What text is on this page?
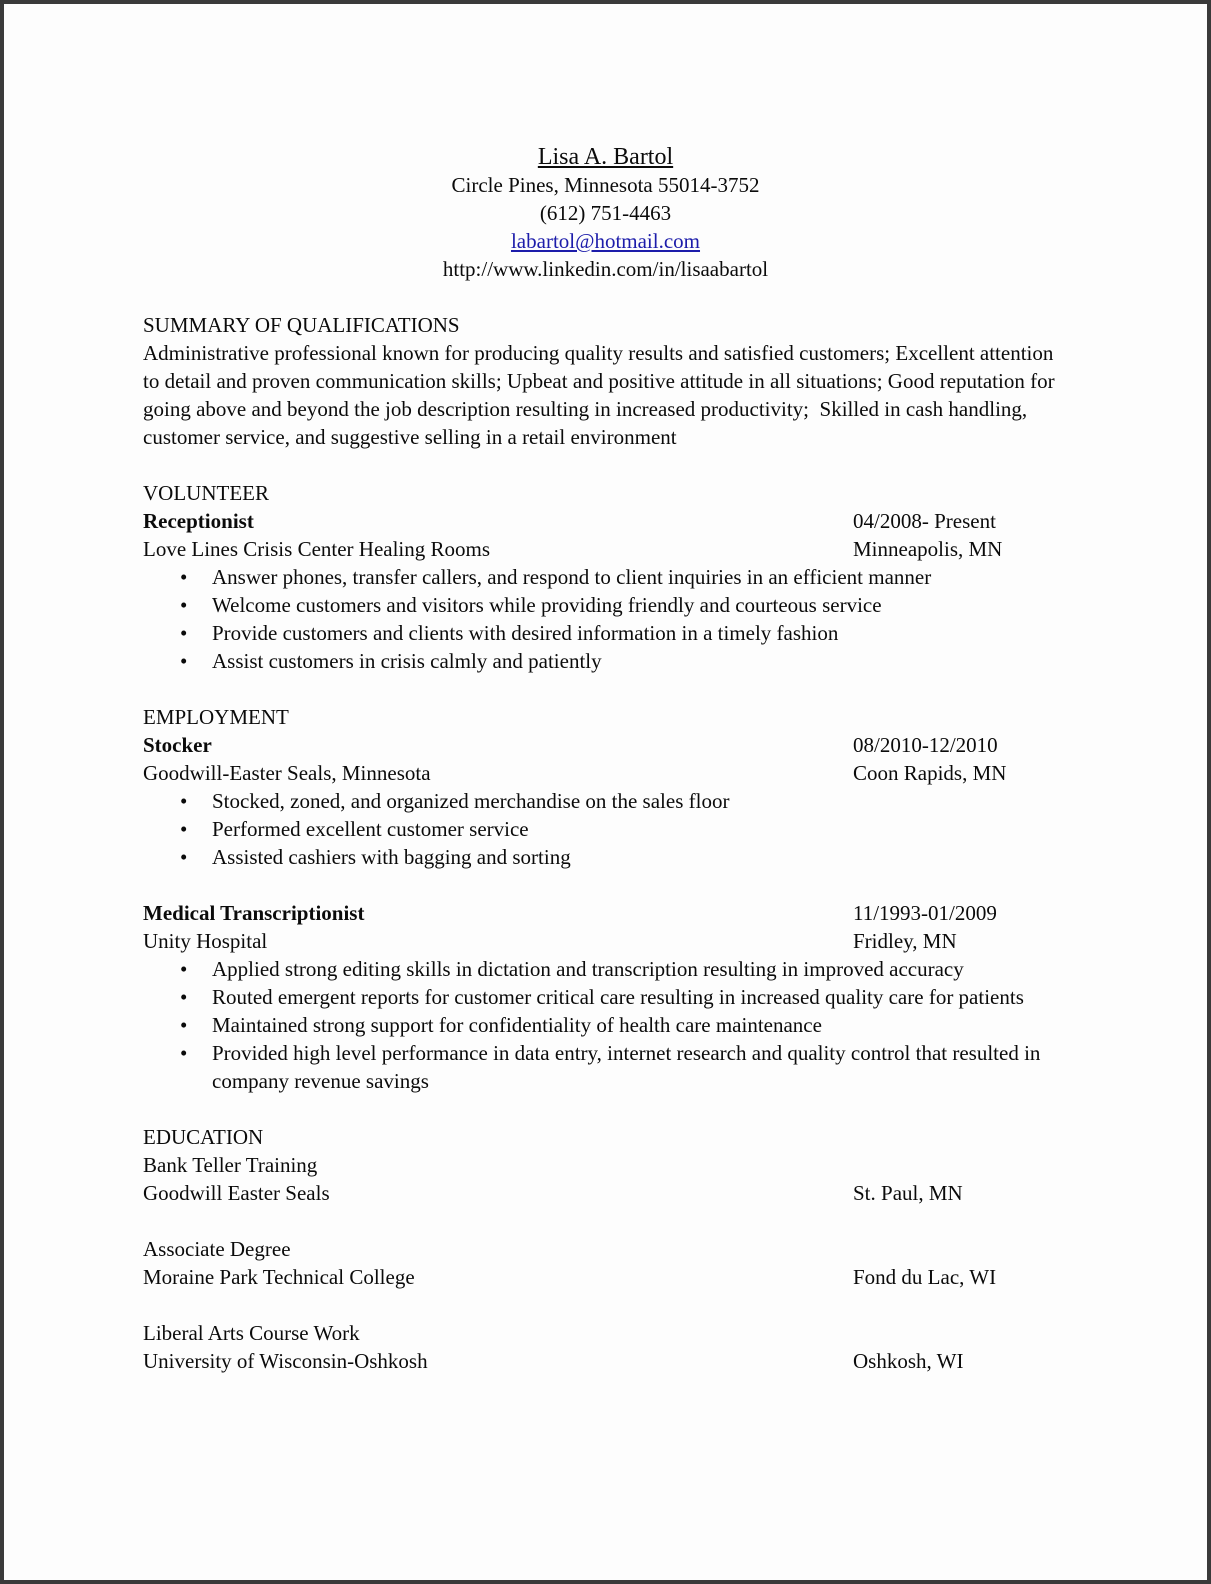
Lisa A. Bartol
Circle Pines, Minnesota 55014-3752
(612) 751-4463
labartol@hotmail.com
http://www.linkedin.com/in/lisaabartol
SUMMARY OF QUALIFICATIONS

Administrative professional known for producing quality results and satisfied customers; Excellent attention to detail and proven communication skills; Upbeat and positive attitude in all situations; Good reputation for going above and beyond the job description resulting in increased productivity;  Skilled in cash handling, customer service, and suggestive selling in a retail environment

VOLUNTEER
Receptionist	04/2008- Present
Love Lines Crisis Center Healing Rooms	Minneapolis, MN
•	Answer phones, transfer callers, and respond to client inquiries in an efficient manner
•	Welcome customers and visitors while providing friendly and courteous service
•	Provide customers and clients with desired information in a timely fashion
•	Assist customers in crisis calmly and patiently
EMPLOYMENT
Stocker	08/2010-12/2010
Goodwill-Easter Seals, Minnesota	Coon Rapids, MN
•	Stocked, zoned, and organized merchandise on the sales floor
•	Performed excellent customer service
•	Assisted cashiers with bagging and sorting
Medical Transcriptionist	11/1993-01/2009
Unity Hospital	Fridley, MN
•	Applied strong editing skills in dictation and transcription resulting in improved accuracy
•	Routed emergent reports for customer critical care resulting in increased quality care for patients
•	Maintained strong support for confidentiality of health care maintenance
•	Provided high level performance in data entry, internet research and quality control that resulted in company revenue savings
EDUCATION
Bank Teller Training
Goodwill Easter Seals	St. Paul, MN
Associate Degree
Moraine Park Technical College	Fond du Lac, WI
Liberal Arts Course Work
University of Wisconsin-Oshkosh	Oshkosh, WI
